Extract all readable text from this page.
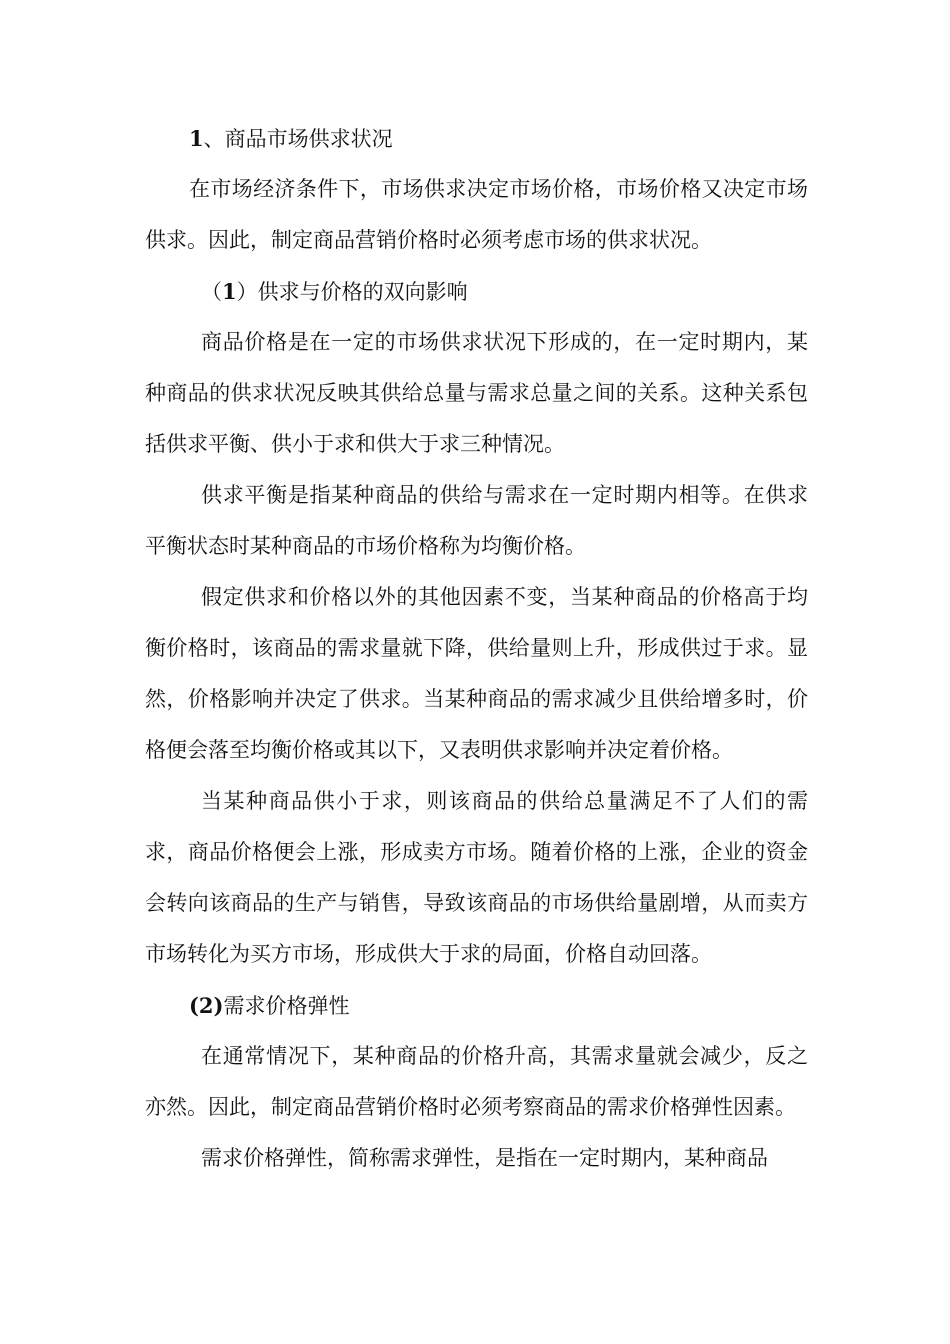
1、商品市场供求状况

在市场经济条件下，市场供求决定市场价格，市场价格又决定市场供求。因此，制定商品营销价格时必须考虑市场的供求状况。

（1）供求与价格的双向影响

商品价格是在一定的市场供求状况下形成的，在一定时期内，某种商品的供求状况反映其供给总量与需求总量之间的关系。这种关系包括供求平衡、供小于求和供大于求三种情况。

供求平衡是指某种商品的供给与需求在一定时期内相等。在供求平衡状态时某种商品的市场价格称为均衡价格。

假定供求和价格以外的其他因素不变，当某种商品的价格高于均衡价格时，该商品的需求量就下降，供给量则上升，形成供过于求。显然，价格影响并决定了供求。当某种商品的需求减少且供给增多时，价格便会落至均衡价格或其以下，又表明供求影响并决定着价格。

当某种商品供小于求，则该商品的供给总量满足不了人们的需求，商品价格便会上涨，形成卖方市场。随着价格的上涨，企业的资金会转向该商品的生产与销售，导致该商品的市场供给量剧增，从而卖方市场转化为买方市场，形成供大于求的局面，价格自动回落。

(2)需求价格弹性

在通常情况下，某种商品的价格升高，其需求量就会减少，反之亦然。因此，制定商品营销价格时必须考察商品的需求价格弹性因素。

需求价格弹性，简称需求弹性，是指在一定时期内，某种商品
